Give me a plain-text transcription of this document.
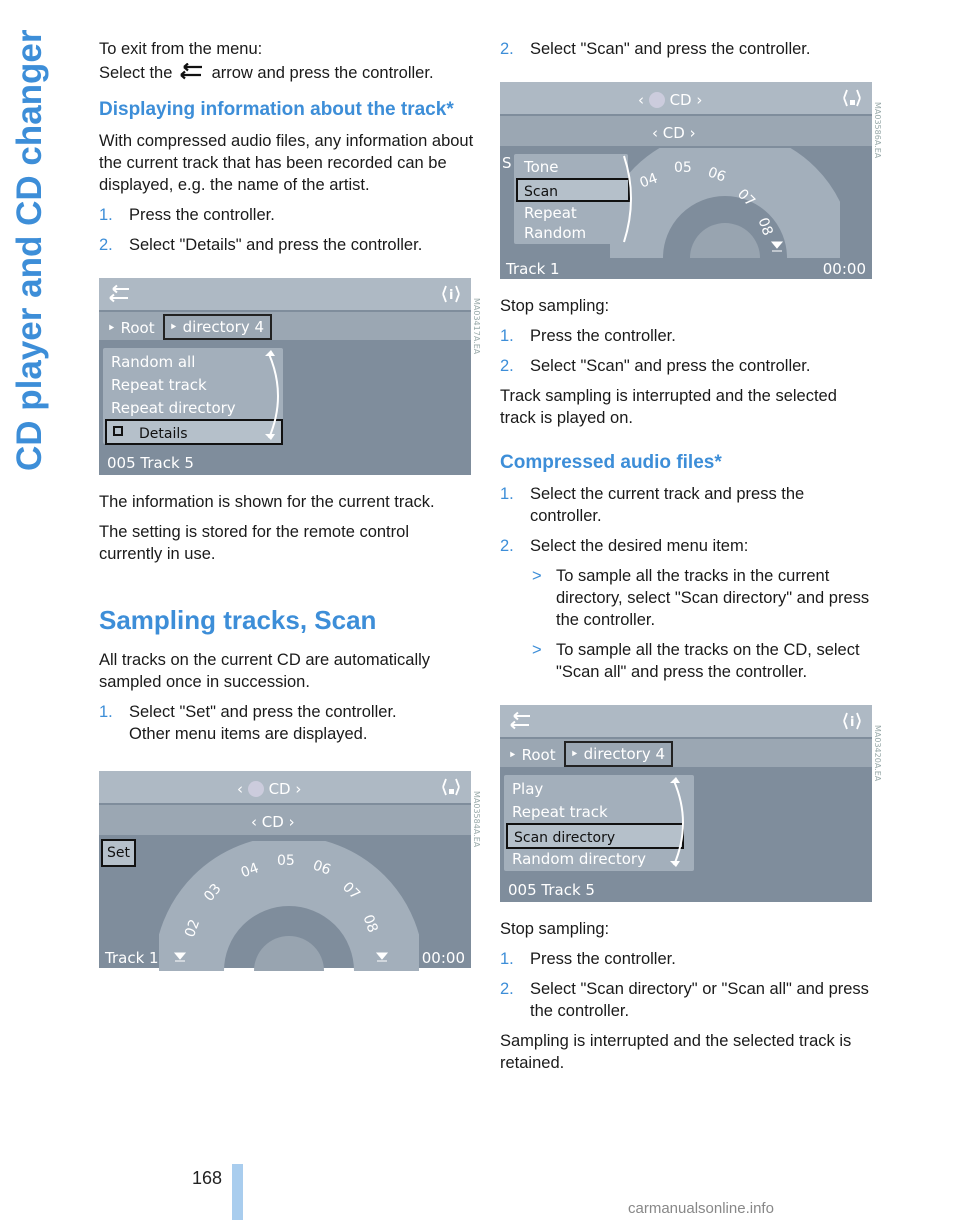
CD player and CD changer
168
carmanualsonline.info

To exit from the menu:

Select the arrow and press the controller.

Displaying information about the track*

With compressed audio files, any information about the current track that has been recorded can be displayed, e.g. the name of the artist.

1. Press the controller.
2. Select "Details" and press the controller.
i
‣ Root ‣ directory 4
Random all
Repeat track
Repeat directory
Details
005 Track 5
MA03417A.EA

The information is shown for the current track.

The setting is stored for the remote control currently in use.

Sampling tracks, Scan

All tracks on the current CD are automatically sampled once in succession.

1. Select "Set" and press the controller.
Other menu items are displayed.
‹  CD ›
‹ CD ›
Set
02
03
04 05 06
07
08
Track 1	00:00
MA03584A.EA
2. Select "Scan" and press the controller.
‹  CD ›
‹ CD ›
04
05 06
07
08
S Tone
Scan
Repeat
Random
Track 1	00:00
MA03586A.EA

Stop sampling:

1. Press the controller.
2. Select "Scan" and press the controller.

Track sampling is interrupted and the selected track is played on.

Compressed audio files*
1. Select the current track and press the controller.
2. Select the desired menu item:
> To sample all the tracks in the current directory, select "Scan directory" and press the controller.
> To sample all the tracks on the CD, select "Scan all" and press the controller.
i
‣ Root ‣ directory 4
Play
Repeat track
Scan directory
Random directory
005 Track 5
MA03420A.EA

Stop sampling:

1. Press the controller.
2. Select "Scan directory" or "Scan all" and press the controller.

Sampling is interrupted and the selected track is retained.
